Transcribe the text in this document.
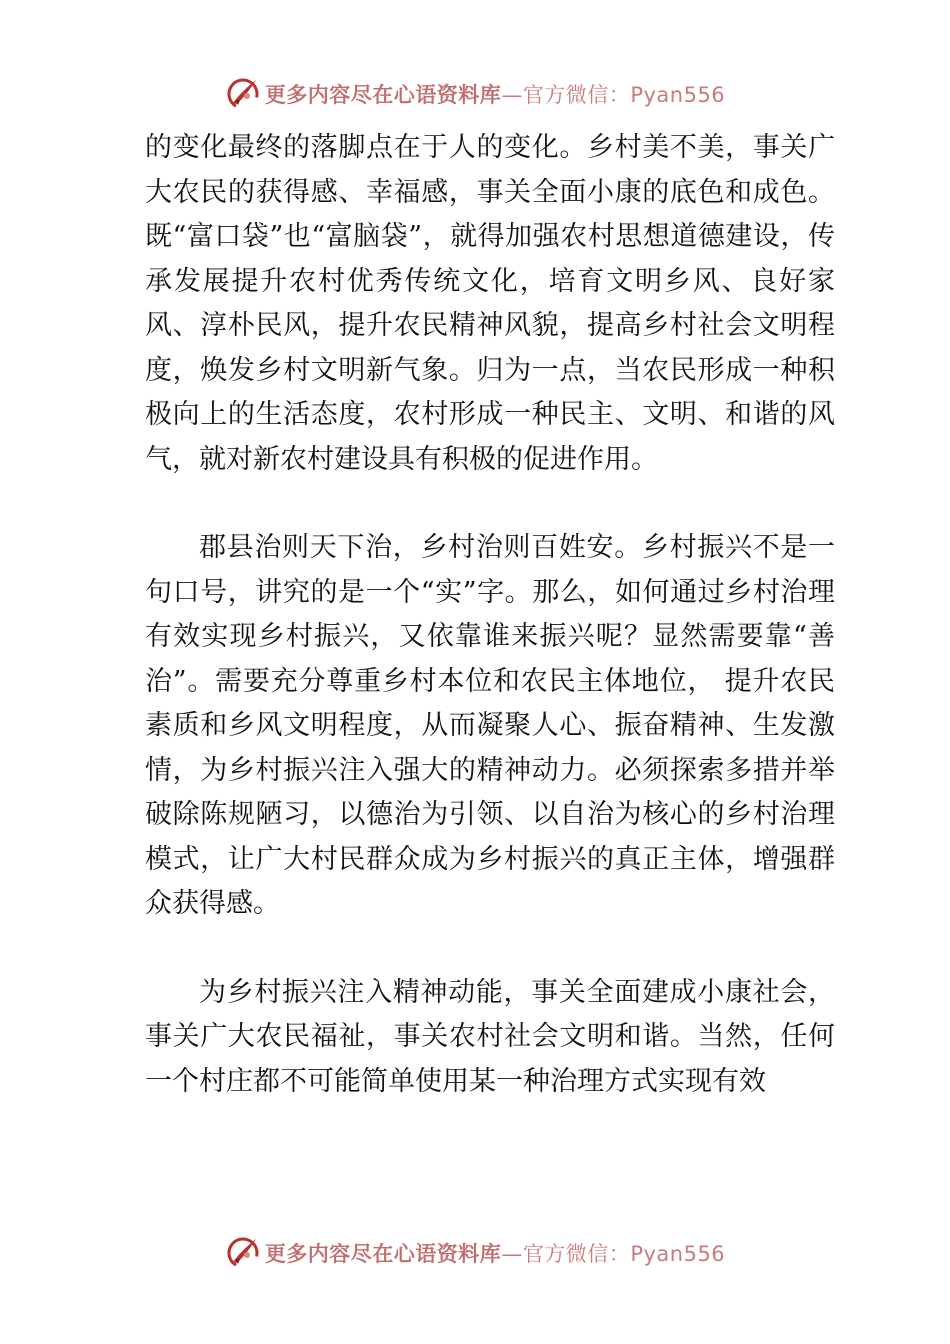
更多内容尽在心语资料库—官方微信：Pyan556

的变化最终的落脚点在于人的变化。乡村美不美，事关广大农民的获得感、幸福感，事关全面小康的底色和成色。既“富口袋”也“富脑袋”，就得加强农村思想道德建设，传承发展提升农村优秀传统文化，培育文明乡风、良好家风、淳朴民风，提升农民精神风貌，提高乡村社会文明程度，焕发乡村文明新气象。归为一点，当农民形成一种积极向上的生活态度，农村形成一种民主、文明、和谐的风气，就对新农村建设具有积极的促进作用。

郡县治则天下治，乡村治则百姓安。乡村振兴不是一句口号，讲究的是一个“实”字。那么，如何通过乡村治理有效实现乡村振兴，又依靠谁来振兴呢？显然需要靠“善治”。需要充分尊重乡村本位和农民主体地位， 提升农民素质和乡风文明程度，从而凝聚人心、振奋精神、生发激情，为乡村振兴注入强大的精神动力。必须探索多措并举破除陈规陋习，以德治为引领、以自治为核心的乡村治理模式，让广大村民群众成为乡村振兴的真正主体，增强群众获得感。

为乡村振兴注入精神动能，事关全面建成小康社会，事关广大农民福祉，事关农村社会文明和谐。当然，任何一个村庄都不可能简单使用某一种治理方式实现有效

更多内容尽在心语资料库—官方微信：Pyan556
